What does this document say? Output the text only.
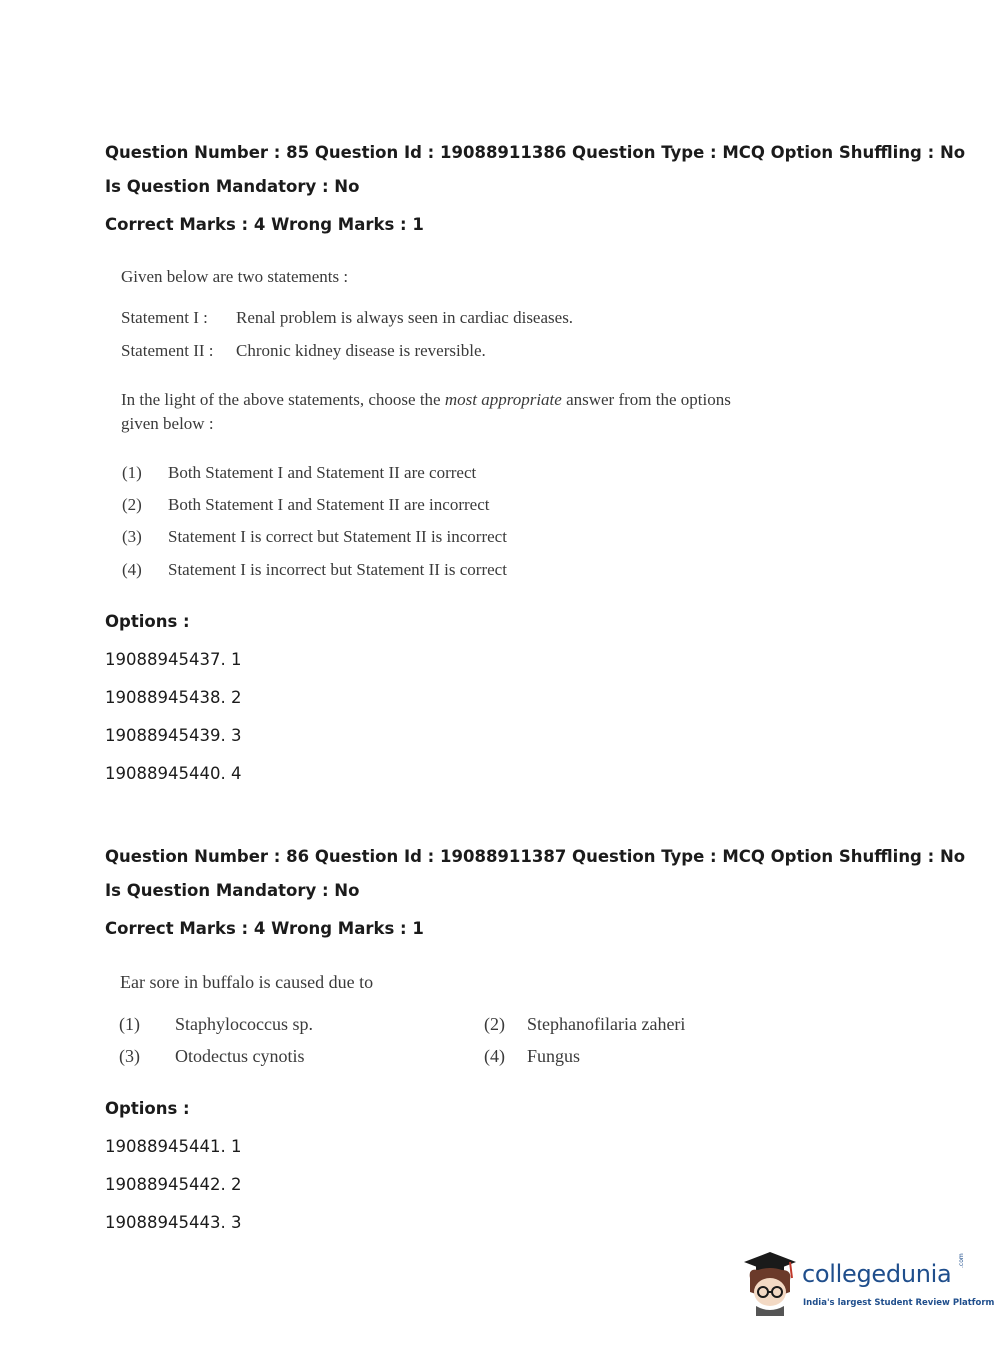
Question Number : 85 Question Id : 19088911386 Question Type : MCQ Option Shuffling : No
Is Question Mandatory : No
Correct Marks : 4 Wrong Marks : 1
Given below are two statements :
Statement I : Renal problem is always seen in cardiac diseases.
Statement II : Chronic kidney disease is reversible.
In the light of the above statements, choose the most appropriate answer from the options
given below :
(1) Both Statement I and Statement II are correct
(2) Both Statement I and Statement II are incorrect
(3) Statement I is correct but Statement II is incorrect
(4) Statement I is incorrect but Statement II is correct
Options :
19088945437. 1
19088945438. 2
19088945439. 3
19088945440. 4
Question Number : 86 Question Id : 19088911387 Question Type : MCQ Option Shuffling : No
Is Question Mandatory : No
Correct Marks : 4 Wrong Marks : 1
Ear sore in buffalo is caused due to
(1) Staphylococcus sp.	(2) Stephanofilaria zaheri
(3) Otodectus cynotis	(4) Fungus
Options :
19088945441. 1
19088945442. 2
19088945443. 3
collegedunia .com
India's largest Student Review Platform
